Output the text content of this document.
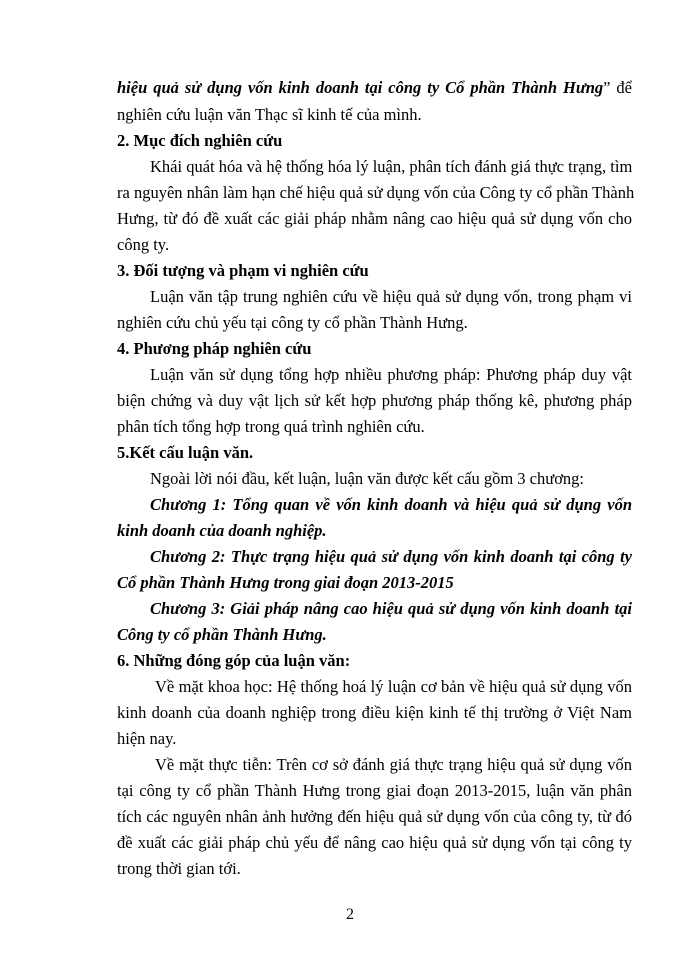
hiệu quả sử dụng vốn kinh doanh tại công ty Cổ phần Thành Hưng” để
nghiên cứu luận văn Thạc sĩ kinh tế của mình.
2. Mục đích nghiên cứu
Khái quát hóa và hệ thống hóa lý luận, phân tích đánh giá thực trạng, tìm
ra nguyên nhân làm hạn chế hiệu quả sử dụng vốn của Công ty cổ phần Thành
Hưng, từ đó đề xuất các giải pháp nhằm nâng cao hiệu quả sử dụng vốn cho
công ty.
3. Đối tượng và phạm vi nghiên cứu
Luận văn tập trung nghiên cứu về hiệu quả sử dụng vốn, trong phạm vi
nghiên cứu chủ yếu tại công ty cổ phần Thành Hưng.
4. Phương pháp nghiên cứu
Luận văn sử dụng tổng hợp nhiều phương pháp: Phương pháp duy vật
biện chứng và duy vật lịch sử kết hợp phương pháp thống kê, phương pháp
phân tích tổng hợp trong quá trình nghiên cứu.
5.Kết cấu luận văn.
Ngoài lời nói đầu, kết luận, luận văn được kết cấu gồm 3 chương:
Chương 1: Tổng quan về vốn kinh doanh và hiệu quả sử dụng vốn
kinh doanh của doanh nghiệp.
Chương 2: Thực trạng hiệu quả sử dụng vốn kinh doanh tại công ty
Cổ phần Thành Hưng trong giai đoạn 2013-2015
Chương 3: Giải pháp nâng cao hiệu quả sử dụng vốn kinh doanh tại
Công ty cổ phần Thành Hưng.
6. Những đóng góp của luận văn:
Về mặt khoa học: Hệ thống hoá lý luận cơ bản về hiệu quả sử dụng vốn
kinh doanh của doanh nghiệp trong điều kiện kinh tế thị trường ở Việt Nam
hiện nay.
Về mặt thực tiễn: Trên cơ sở đánh giá thực trạng hiệu quả sử dụng vốn
tại công ty cổ phần Thành Hưng trong giai đoạn 2013-2015, luận văn phân
tích các nguyên nhân ảnh hưởng đến hiệu quả sử dụng vốn của công ty, từ đó
đề xuất các giải pháp chủ yếu để nâng cao hiệu quả sử dụng vốn tại công ty
trong thời gian tới.
2
